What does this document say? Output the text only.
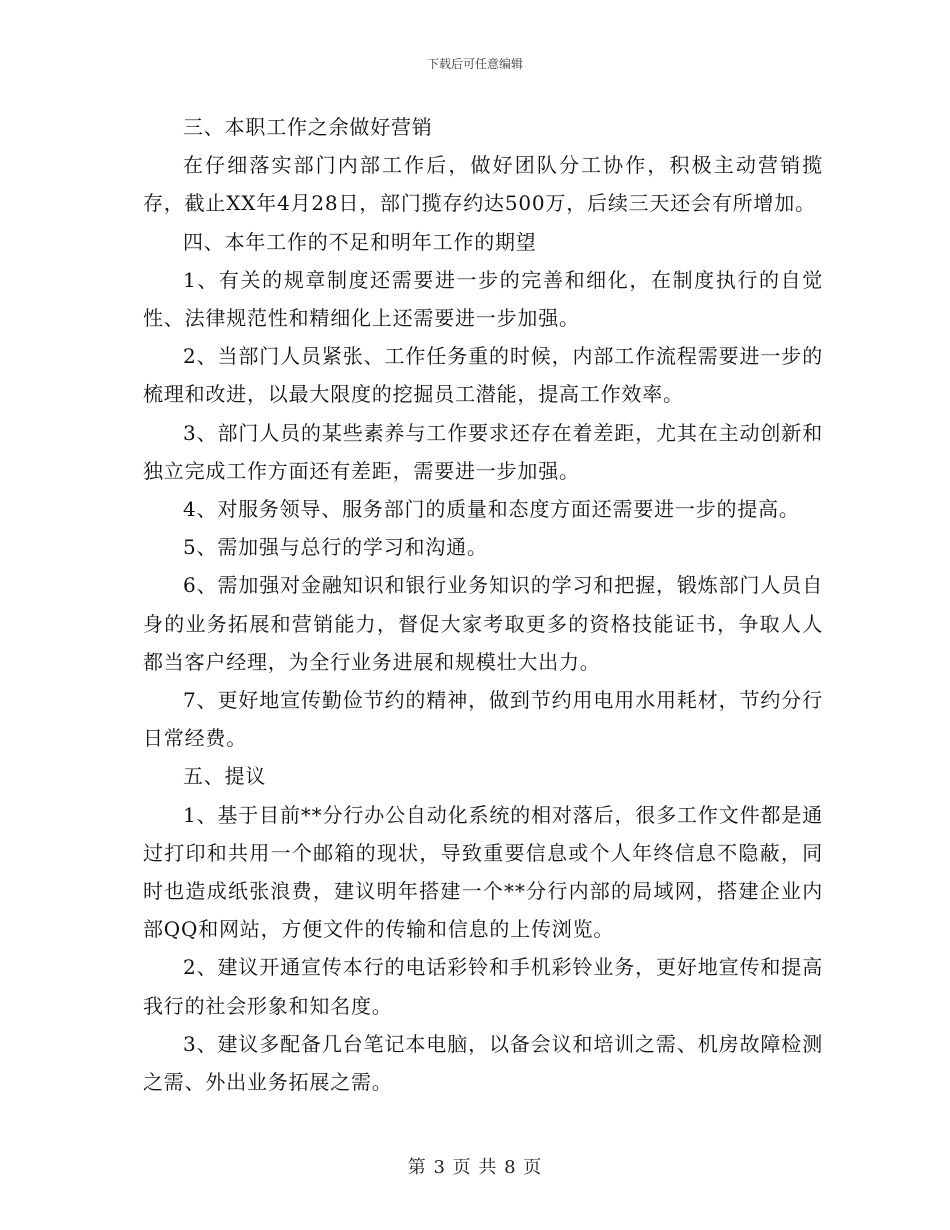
下载后可任意编辑

三、本职工作之余做好营销

在仔细落实部门内部工作后，做好团队分工协作，积极主动营销揽存，截止XX年4月28日，部门揽存约达500万，后续三天还会有所增加。

四、本年工作的不足和明年工作的期望

1、有关的规章制度还需要进一步的完善和细化，在制度执行的自觉性、法律规范性和精细化上还需要进一步加强。

2、当部门人员紧张、工作任务重的时候，内部工作流程需要进一步的梳理和改进，以最大限度的挖掘员工潜能，提高工作效率。

3、部门人员的某些素养与工作要求还存在着差距，尤其在主动创新和独立完成工作方面还有差距，需要进一步加强。

4、对服务领导、服务部门的质量和态度方面还需要进一步的提高。

5、需加强与总行的学习和沟通。

6、需加强对金融知识和银行业务知识的学习和把握，锻炼部门人员自身的业务拓展和营销能力，督促大家考取更多的资格技能证书，争取人人都当客户经理，为全行业务进展和规模壮大出力。

7、更好地宣传勤俭节约的精神，做到节约用电用水用耗材，节约分行日常经费。

五、提议

1、基于目前**分行办公自动化系统的相对落后，很多工作文件都是通过打印和共用一个邮箱的现状，导致重要信息或个人年终信息不隐蔽，同时也造成纸张浪费，建议明年搭建一个**分行内部的局域网，搭建企业内部QQ和网站，方便文件的传输和信息的上传浏览。

2、建议开通宣传本行的电话彩铃和手机彩铃业务，更好地宣传和提高我行的社会形象和知名度。

3、建议多配备几台笔记本电脑，以备会议和培训之需、机房故障检测之需、外出业务拓展之需。

第 3 页 共 8 页
